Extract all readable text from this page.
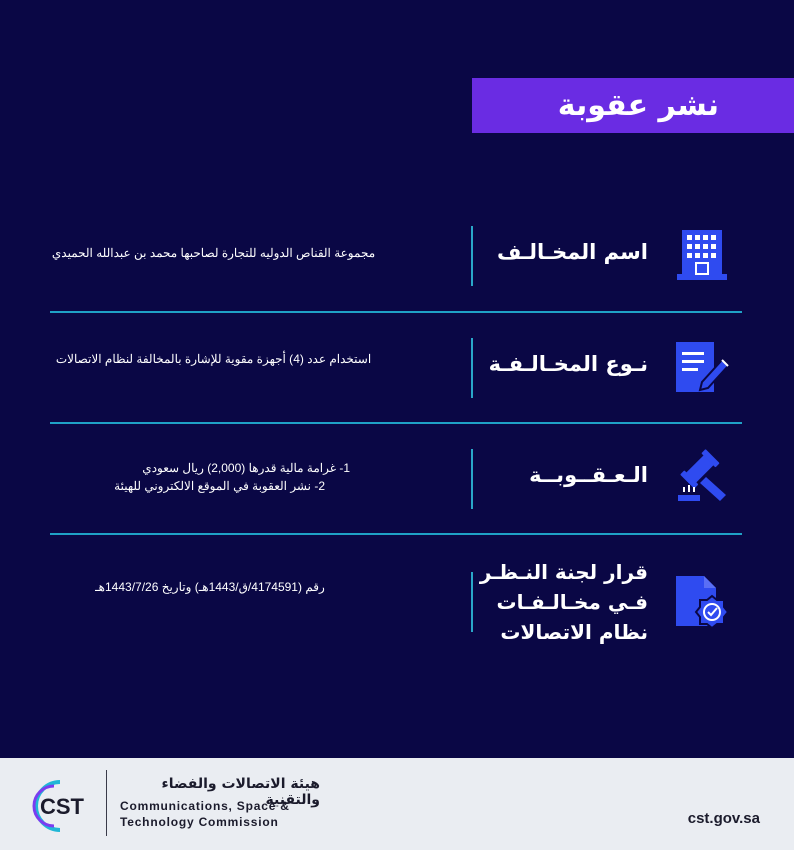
نشر عقوبة
اسم المخـالـف
مجموعة القناص الدوليه للتجارة لصاحبها محمد بن عبدالله الحميدي
نـوع المخـالـفـة
استخدام عدد (4) أجهزة مقوية للإشارة بالمخالفة لنظام الاتصالات
الـعـقــوبــة
1- غرامة مالية قدرها (2,000) ريال سعودي
2- نشر العقوبة في الموقع الالكتروني للهيئة
قرار لجنة النـظـر
فـي مخـالـفـات
نظام الاتصالات
رقم (4174591/ق/1443هـ) وتاريخ 1443/7/26هـ
CST
هيئة الاتصالات والفضاء والتقنية
Communications, Space &
Technology Commission	cst.gov.sa
